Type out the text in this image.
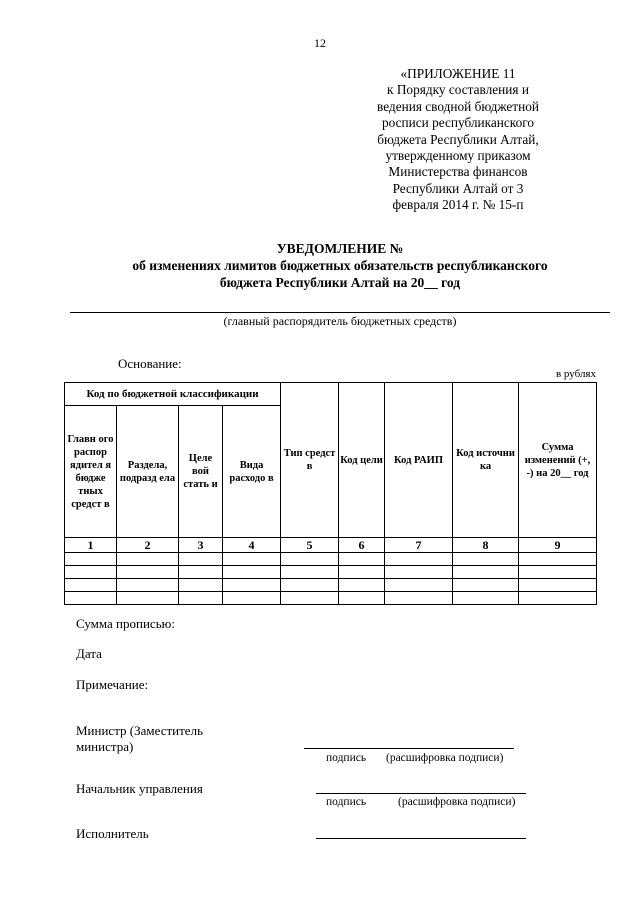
12
«ПРИЛОЖЕНИЕ 11
к Порядку составления и
ведения сводной бюджетной
росписи республиканского
бюджета Республики Алтай,
утвержденному приказом
Министерства финансов
Республики Алтай от 3
февраля 2014 г. № 15-п
УВЕДОМЛЕНИЕ №
об изменениях лимитов бюджетных обязательств республиканского
бюджета Республики Алтай на 20__ год
(главный распорядитель бюджетных средств)
Основание:
в рублях
Код по бюджетной классификации				Тип средст в	Код цели	Код РАИП	Код источни ка	Сумма изменений (+, -) на 20__ год
Главн ого распор ядител я бюдже тных средст в	Раздела, подразд ела	Целе вой стать и	Вида расходо в					
1	2	3	4	5	6	7	8	9

Сумма прописью:
Дата
Примечание:
Министр (Заместитель
министра)
подпись (расшифровка подписи)
Начальник управления
подпись	(расшифровка подписи)
Исполнитель
